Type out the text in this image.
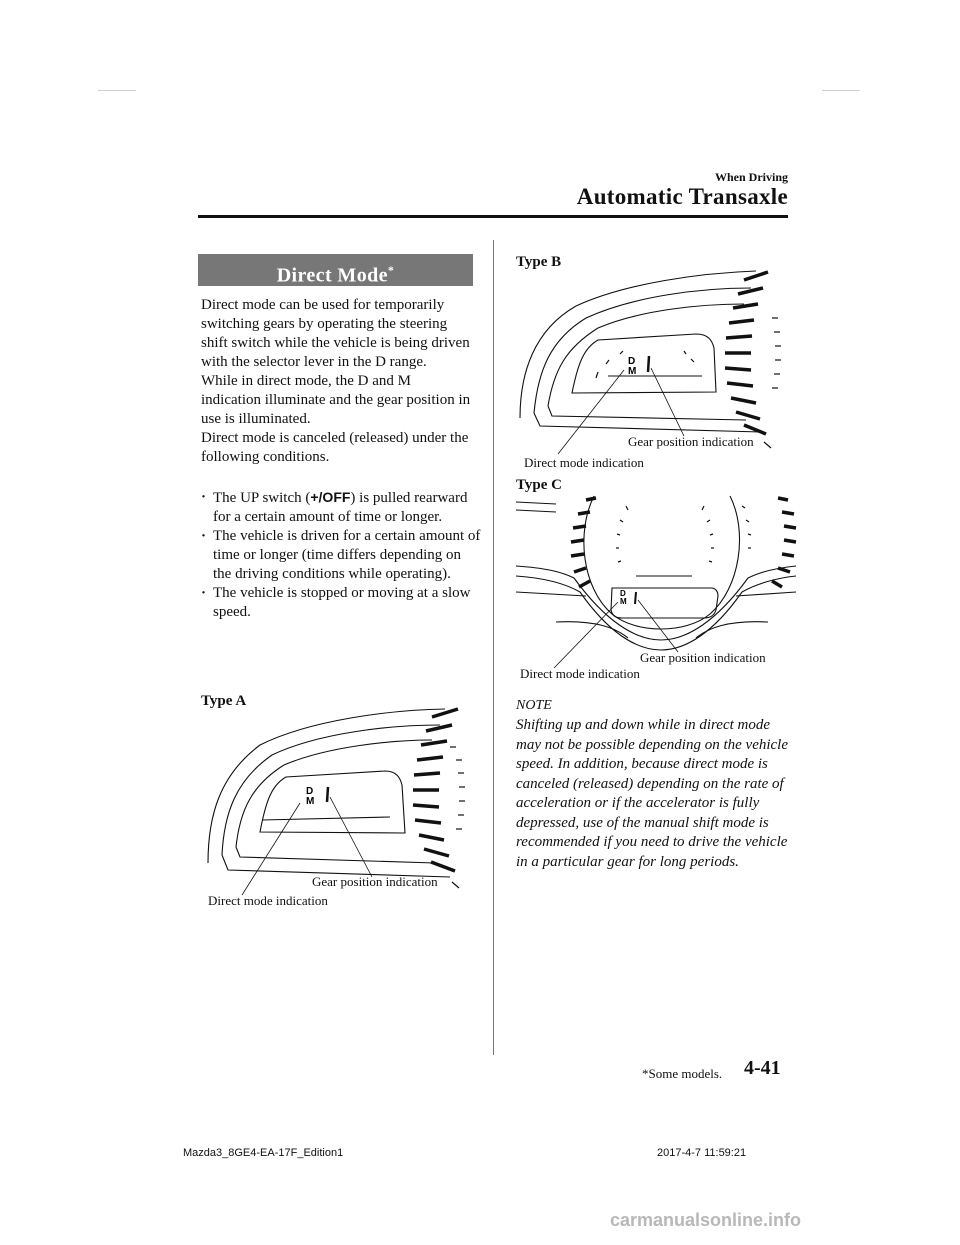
When Driving
Automatic Transaxle
Direct Mode*
Direct mode can be used for temporarily switching gears by operating the steering shift switch while the vehicle is being driven with the selector lever in the D range.
While in direct mode, the D and M indication illuminate and the gear position in use is illuminated.
Direct mode is canceled (released) under the following conditions.
· The UP switch (+/OFF) is pulled rearward for a certain amount of time or longer.
· The vehicle is driven for a certain amount of time or longer (time differs depending on the driving conditions while operating).
· The vehicle is stopped or moving at a slow speed.
Type A
D
M
Gear position indication
Direct mode indication
Type B
D
M
Gear position indication
Direct mode indication
Type C
D
M
Gear position indication
Direct mode indication
NOTE
Shifting up and down while in direct mode may not be possible depending on the vehicle speed. In addition, because direct mode is canceled (released) depending on the rate of acceleration or if the accelerator is fully depressed, use of the manual shift mode is recommended if you need to drive the vehicle in a particular gear for long periods.
*Some models. 4-41
Mazda3_8GE4-EA-17F_Edition1	2017-4-7 11:59:21
carmanualsonline.info
